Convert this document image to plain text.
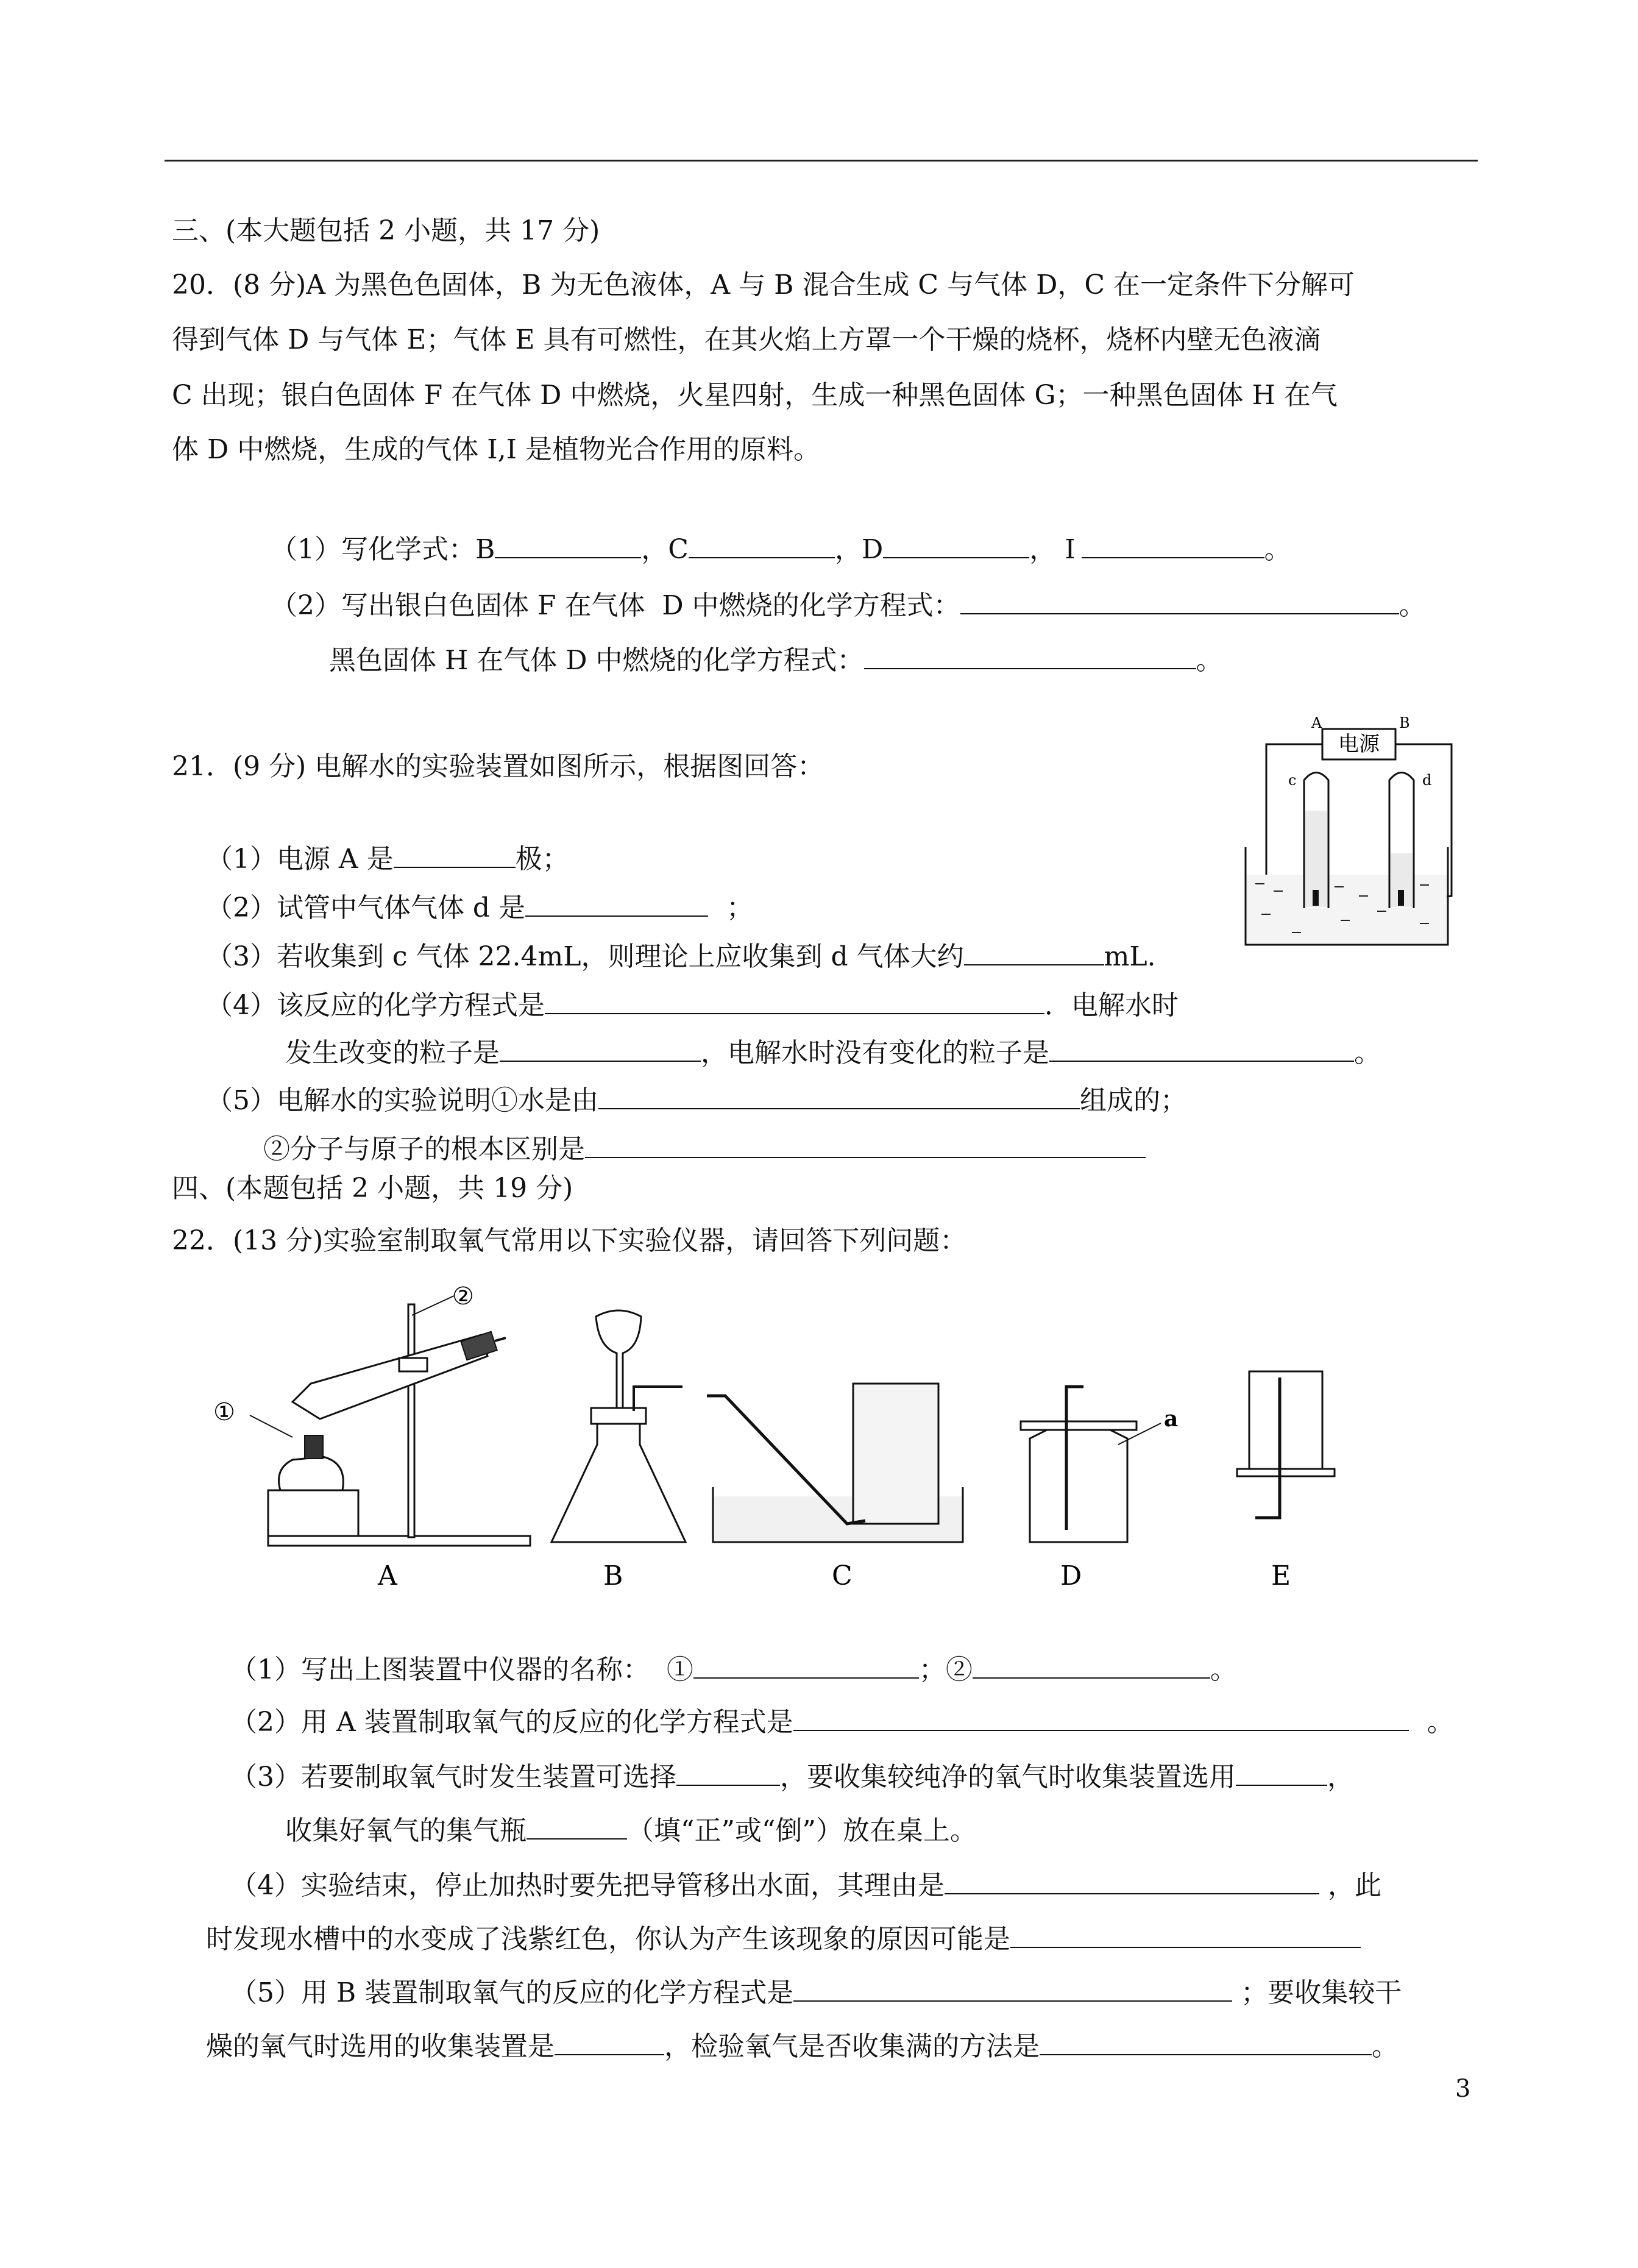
三、(本大题包括 2 小题，共 17 分)
20．(8 分)A 为黑色色固体，B 为无色液体，A 与 B 混合生成 C 与气体 D，C 在一定条件下分解可
得到气体 D 与气体 E；气体 E 具有可燃性，在其火焰上方罩一个干燥的烧杯，烧杯内壁无色液滴
C 出现；银白色固体 F 在气体 D 中燃烧，火星四射，生成一种黑色固体 G；一种黑色固体 H 在气
体 D 中燃烧，生成的气体 I,I 是植物光合作用的原料。

（1）写化学式：B	，C	，D	， I	。

（2）写出银白色固体 F 在气体  D 中燃烧的化学方程式：	。

黑色固体 H 在气体 D 中燃烧的化学方程式：	。

21．(9 分) 电解水的实验装置如图所示，根据图回答：

（1）电源 A 是	极；

（2）试管中气体气体 d 是	；

（3）若收集到 c 气体 22.4mL，则理论上应收集到 d 气体大约	mL.

（4）该反应的化学方程式是	．电解水时

发生改变的粒子是	，电解水时没有变化的粒子是	。

（5）电解水的实验说明①水是由	组成的；

②分子与原子的根本区别是

电源
A	B
c	d
四、(本题包括 2 小题，共 19 分)
22．(13 分)实验室制取氧气常用以下实验仪器，请回答下列问题：
①
②
A	B	C
a
D	E

（1）写出上图装置中仪器的名称：  ①	；②	。

（2）用 A 装置制取氧气的反应的化学方程式是	。

（3）若要制取氧气时发生装置可选择	，要收集较纯净的氧气时收集装置选用	，

收集好氧气的集气瓶	（填“正”或“倒”）放在桌上。

（4）实验结束，停止加热时要先把导管移出水面，其理由是	，此

时发现水槽中的水变成了浅紫红色，你认为产生该现象的原因可能是

（5）用 B 装置制取氧气的反应的化学方程式是	；要收集较干

燥的氧气时选用的收集装置是	，检验氧气是否收集满的方法是	。

3
